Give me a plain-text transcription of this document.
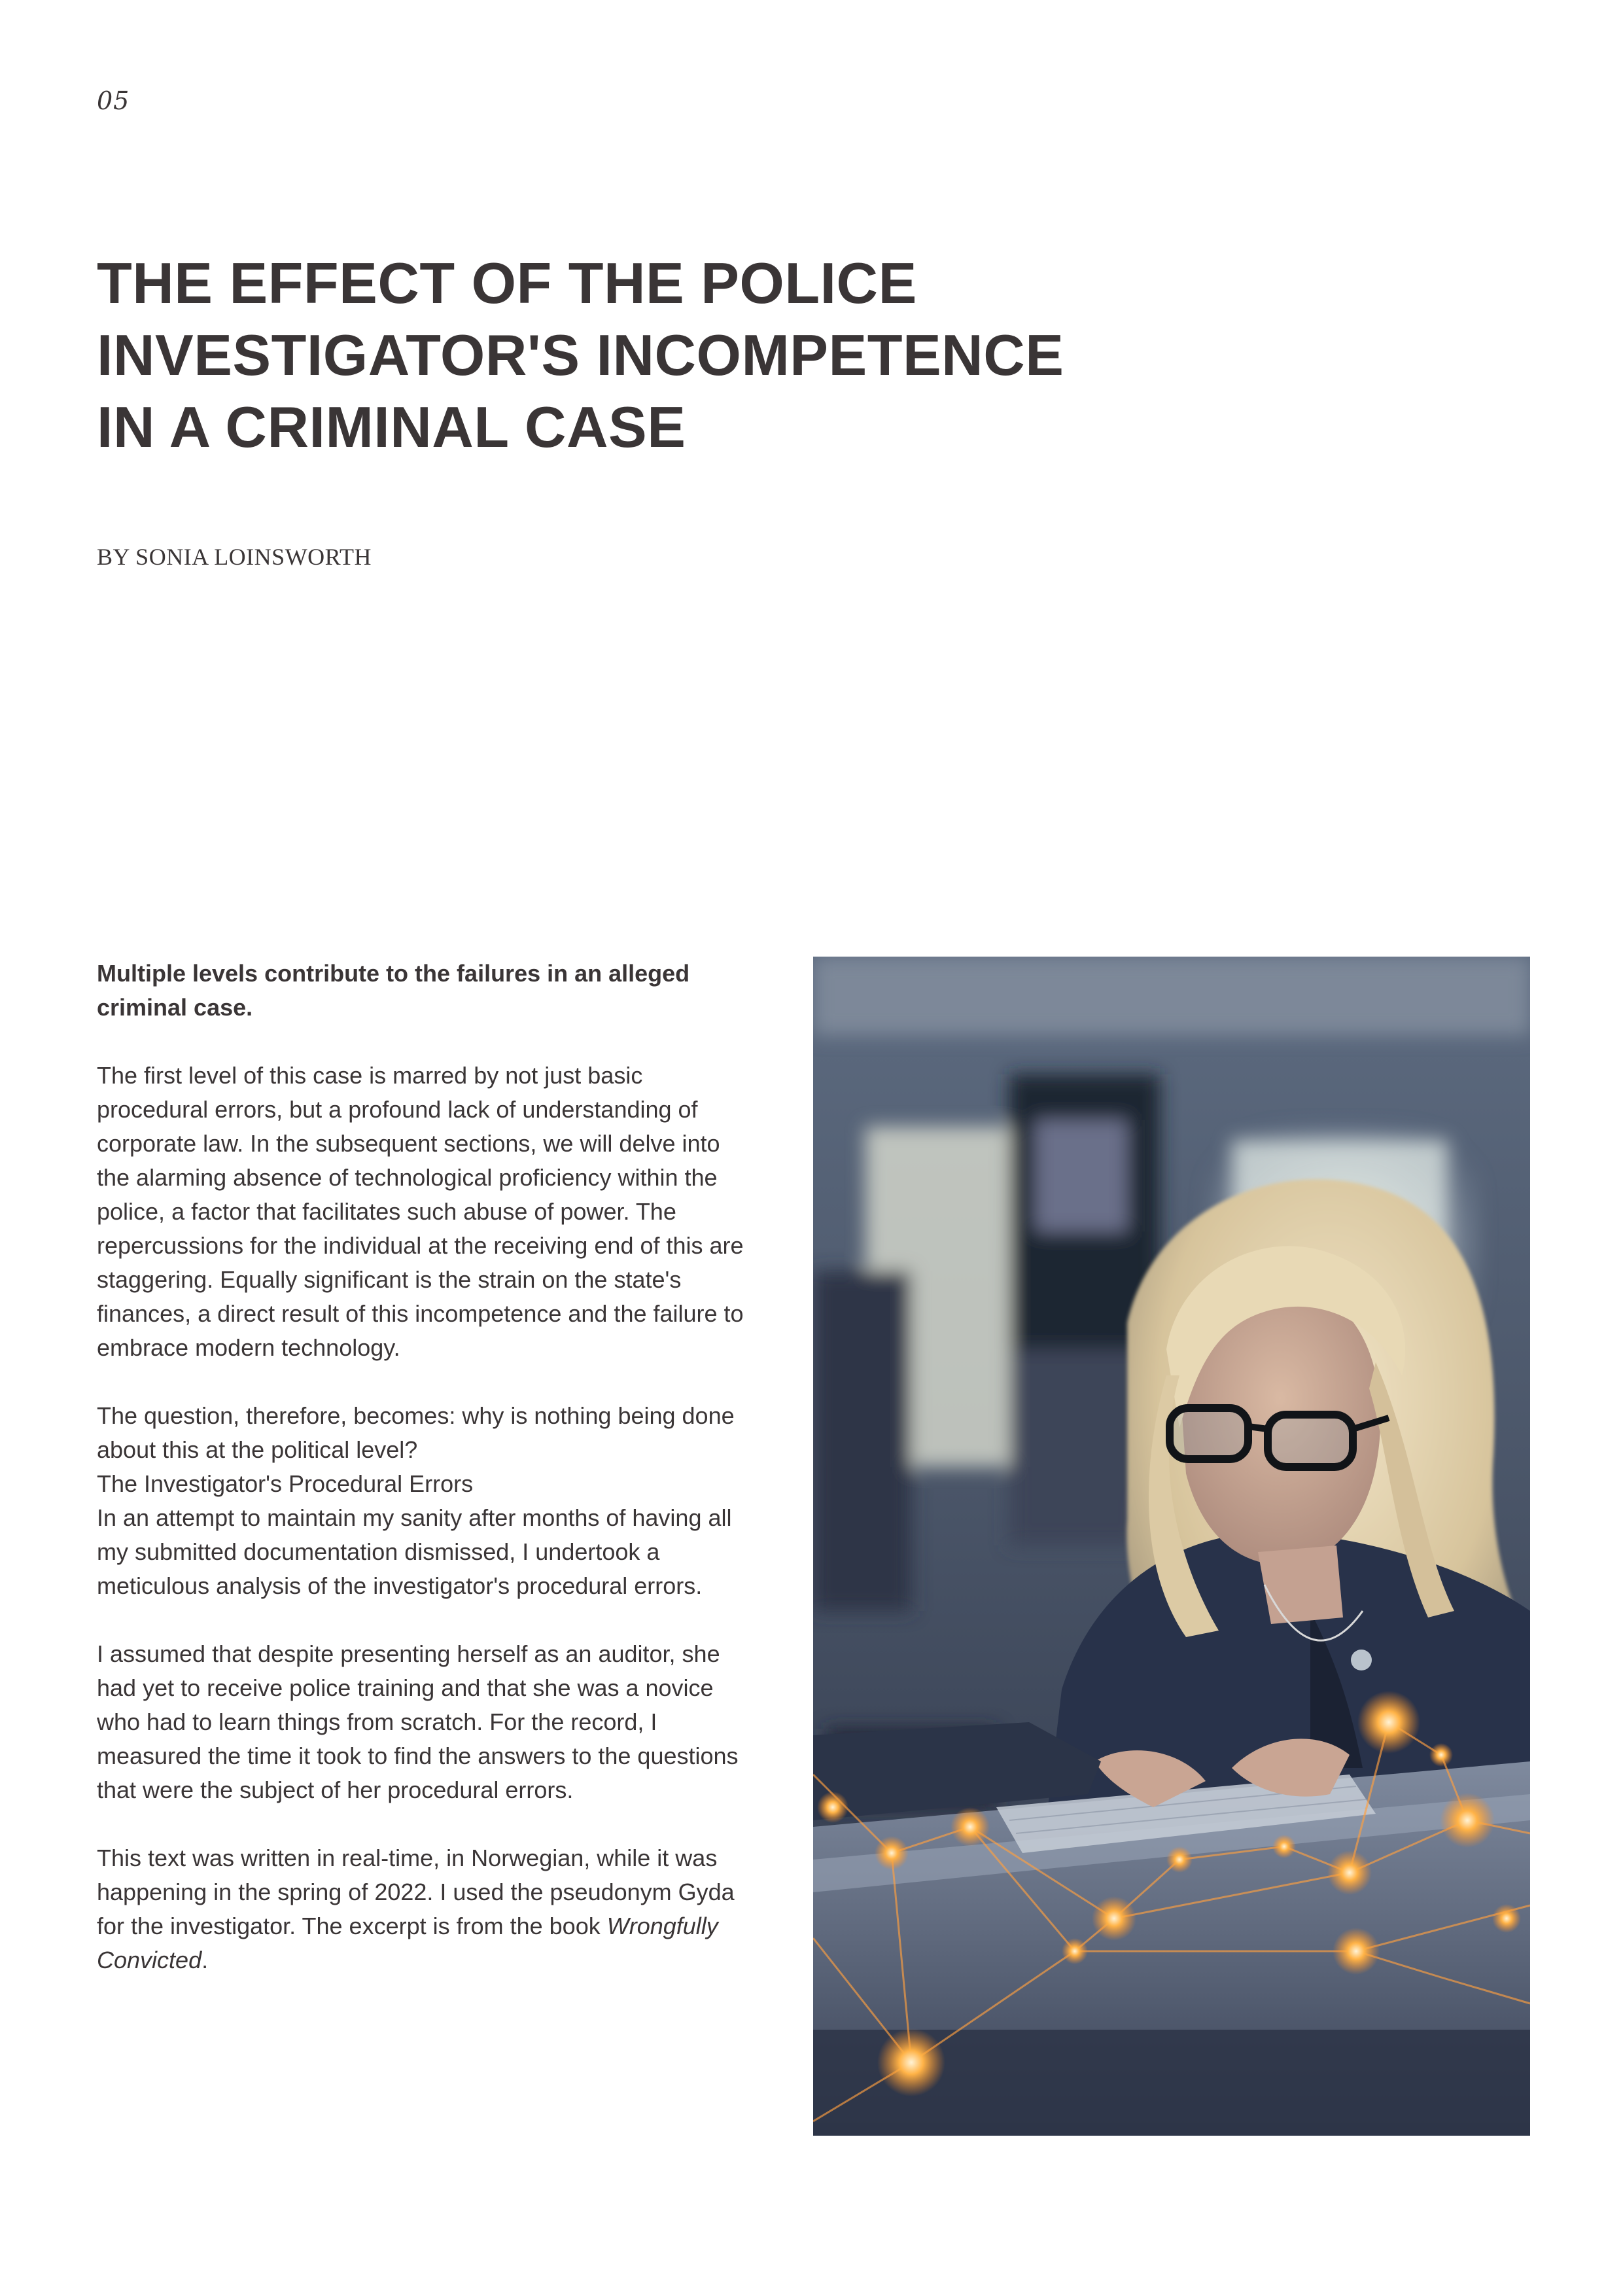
05
THE EFFECT OF THE POLICE
INVESTIGATOR'S INCOMPETENCE
IN A CRIMINAL CASE
BY SONIA LOINSWORTH

Multiple levels contribute to the failures in an alleged criminal case.

The first level of this case is marred by not just basic procedural errors, but a profound lack of understanding of corporate law. In the subsequent sections, we will delve into the alarming absence of technological proficiency within the police, a factor that facilitates such abuse of power. The repercussions for the individual at the receiving end of this are staggering. Equally significant is the strain on the state's finances, a direct result of this incompetence and the failure to embrace modern technology.

The question, therefore, becomes: why is nothing being done about this at the political level?

The Investigator's Procedural Errors

In an attempt to maintain my sanity after months of having all my submitted documentation dismissed, I undertook a meticulous analysis of the investigator's procedural errors.

I assumed that despite presenting herself as an auditor, she had yet to receive police training and that she was a novice who had to learn things from scratch. For the record, I measured the time it took to find the answers to the questions that were the subject of her procedural errors.

This text was written in real-time, in Norwegian, while it was happening in the spring of 2022. I used the pseudonym Gyda for the investigator. The excerpt is from the book Wrongfully Convicted.
